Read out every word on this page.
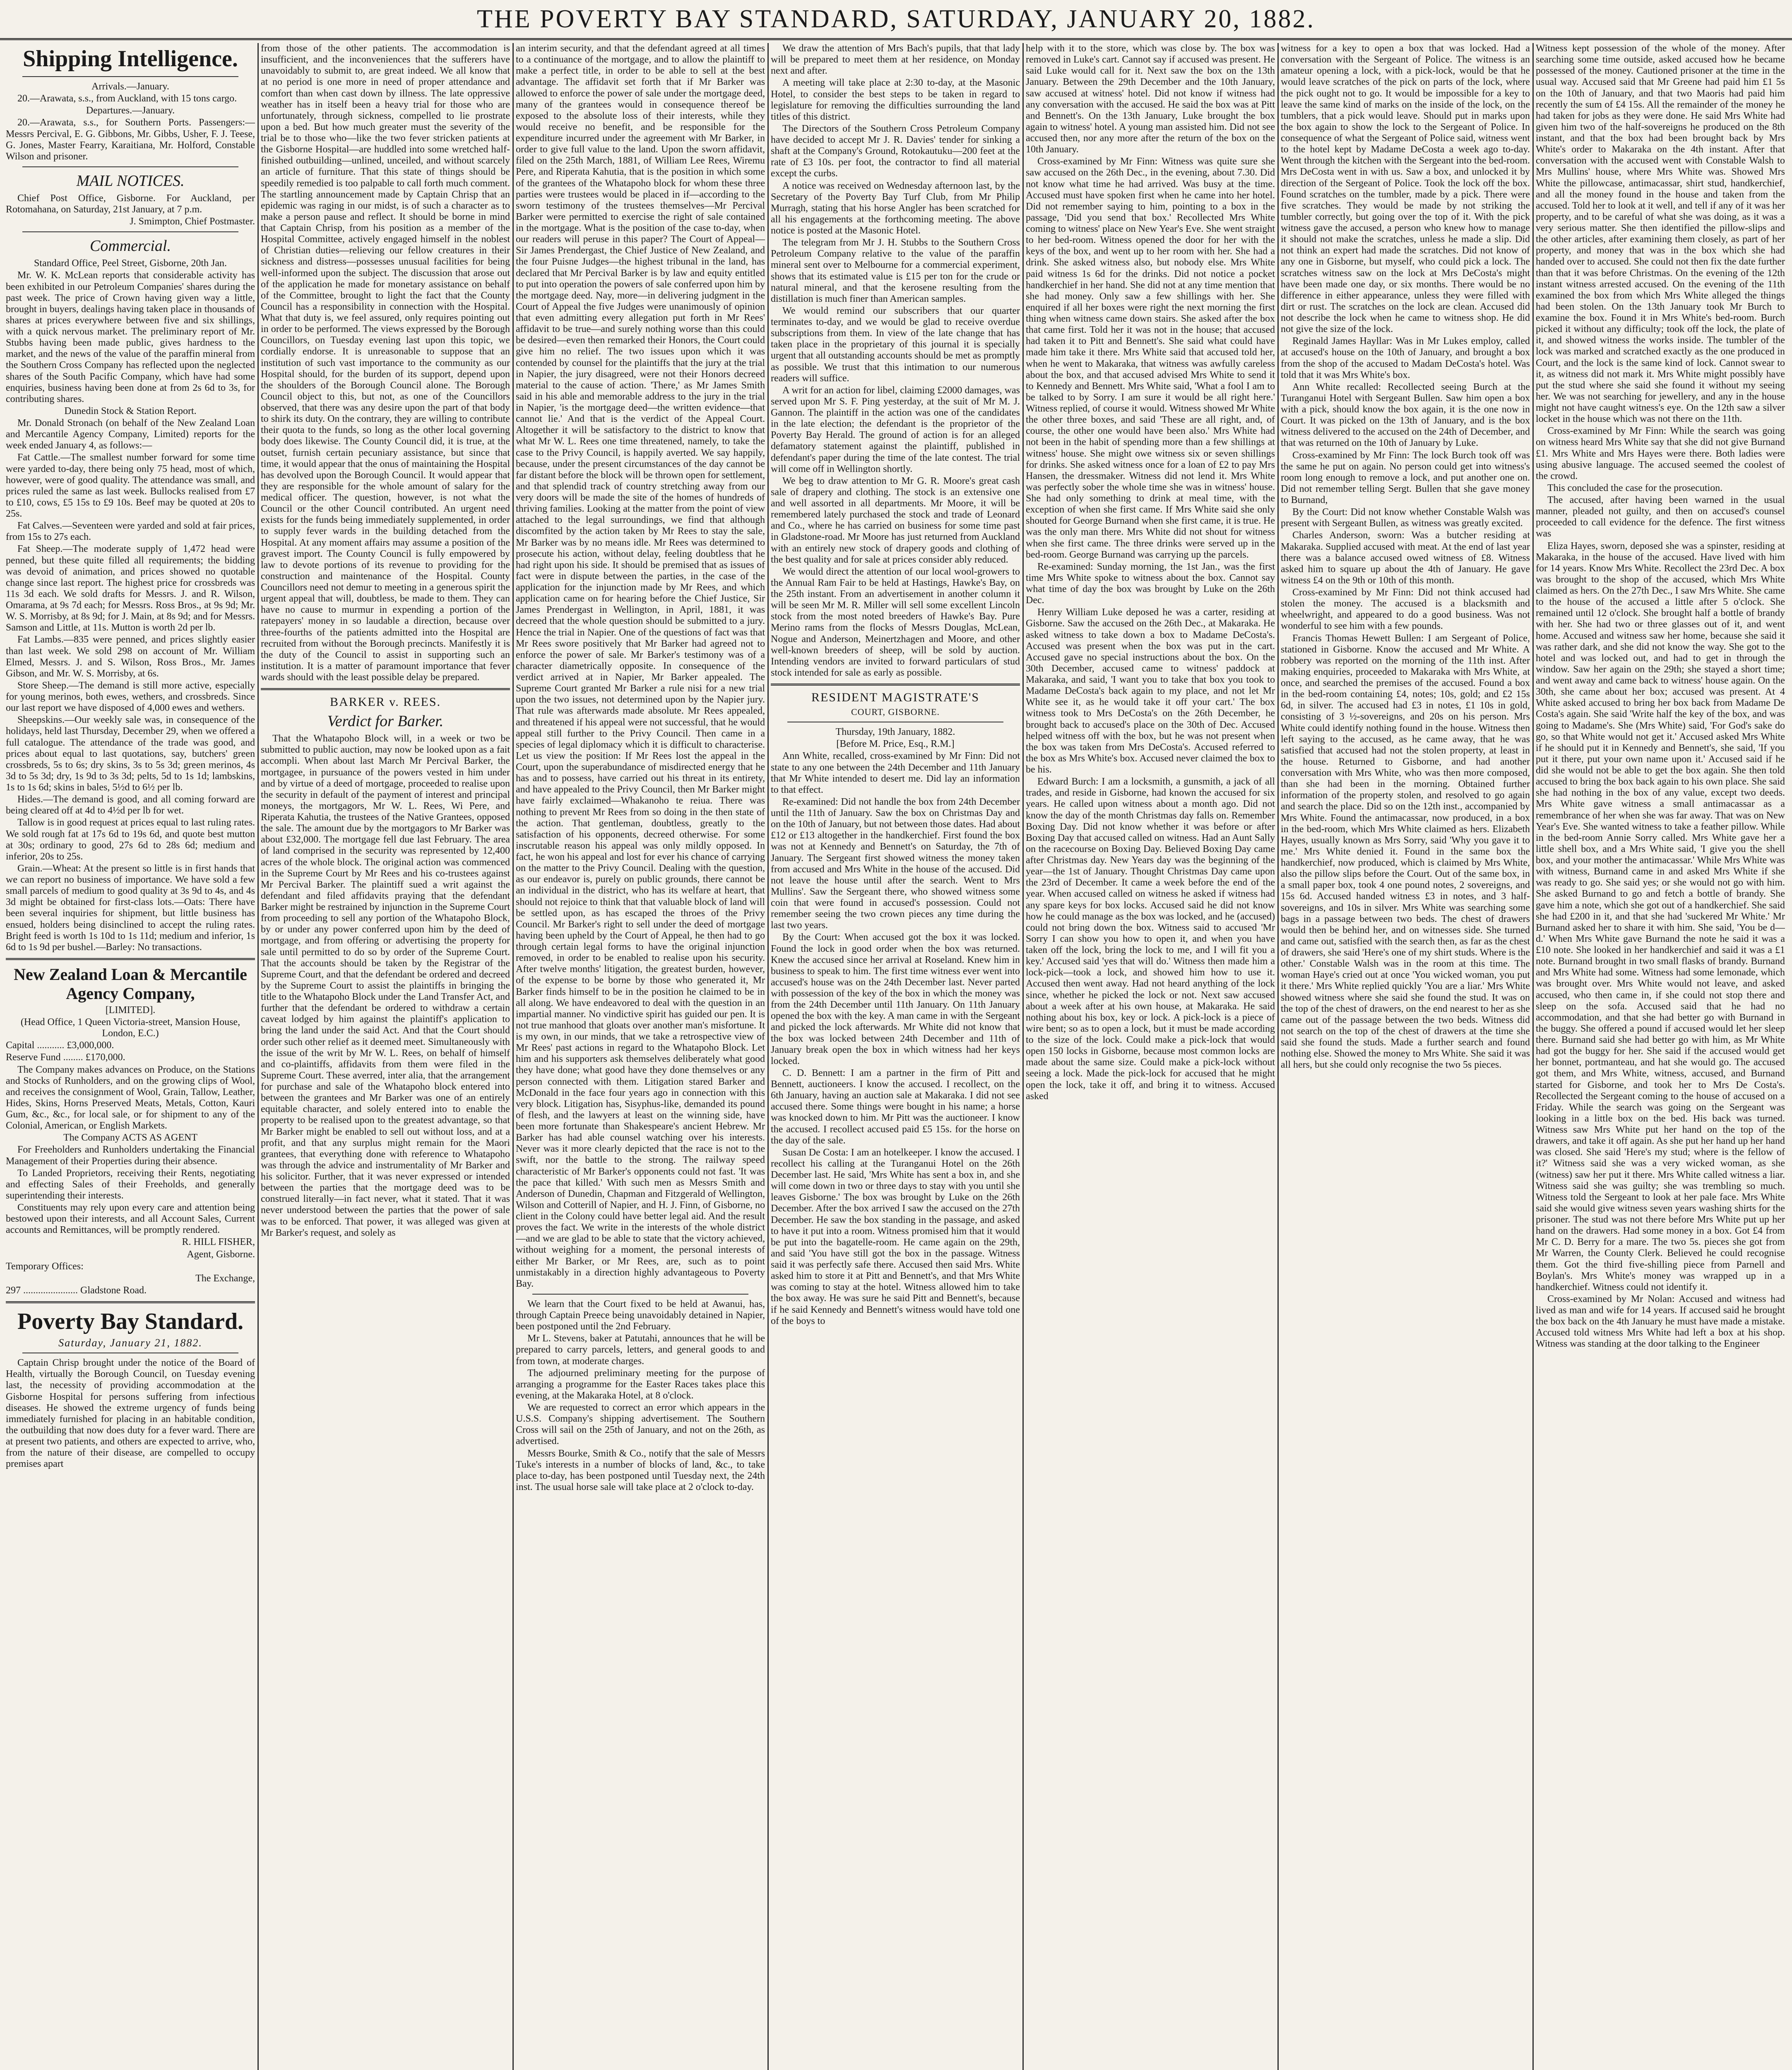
THE POVERTY BAY STANDARD, SATURDAY, JANUARY 20, 1882.
Shipping Intelligence.

Arrivals.—January.

20.—Arawata, s.s., from Auckland, with 15 tons cargo.

Departures.—January.

20.—Arawata, s.s., for Southern Ports. Passengers:—Messrs Percival, E. G. Gibbons, Mr. Gibbs, Usher, F. J. Teese, G. Jones, Master Fearry, Karaitiana, Mr. Holford, Constable Wilson and prisoner.

MAIL NOTICES.

Chief Post Office, Gisborne. For Auckland, per Rotomahana, on Saturday, 21st January, at 7 p.m.

J. Smimpton, Chief Postmaster.

Commercial.

Standard Office, Peel Street, Gisborne, 20th Jan.

Mr. W. K. McLean reports that considerable activity has been exhibited in our Petroleum Companies' shares during the past week. The price of Crown having given way a little, brought in buyers, dealings having taken place in thousands of shares at prices everywhere between five and six shillings, with a quick nervous market. The preliminary report of Mr. Stubbs having been made public, gives hardness to the market, and the news of the value of the paraffin mineral from the Southern Cross Company has reflected upon the neglected shares of the South Pacific Company, which have had some enquiries, business having been done at from 2s 6d to 3s, for contributing shares.

Dunedin Stock & Station Report.

Mr. Donald Stronach (on behalf of the New Zealand Loan and Mercantile Agency Company, Limited) reports for the week ended January 4, as follows:—

Fat Cattle.—The smallest number forward for some time were yarded to-day, there being only 75 head, most of which, however, were of good quality. The attendance was small, and prices ruled the same as last week. Bullocks realised from £7 to £10, cows, £5 15s to £9 10s. Beef may be quoted at 20s to 25s.

Fat Calves.—Seventeen were yarded and sold at fair prices, from 15s to 27s each.

Fat Sheep.—The moderate supply of 1,472 head were penned, but these quite filled all requirements; the bidding was devoid of animation, and prices showed no quotable change since last report. The highest price for crossbreds was 11s 3d each. We sold drafts for Messrs. J. and R. Wilson, Omarama, at 9s 7d each; for Messrs. Ross Bros., at 9s 9d; Mr. W. S. Morrisby, at 8s 9d; for J. Main, at 8s 9d; and for Messrs. Samson and Little, at 11s. Mutton is worth 2d per lb.

Fat Lambs.—835 were penned, and prices slightly easier than last week. We sold 298 on account of Mr. William Elmed, Messrs. J. and S. Wilson, Ross Bros., Mr. James Gibson, and Mr. W. S. Morrisby, at 6s.

Store Sheep.—The demand is still more active, especially for young merinos, both ewes, wethers, and crossbreds. Since our last report we have disposed of 4,000 ewes and wethers.

Sheepskins.—Our weekly sale was, in consequence of the holidays, held last Thursday, December 29, when we offered a full catalogue. The attendance of the trade was good, and prices about equal to last quotations, say, butchers' green crossbreds, 5s to 6s; dry skins, 3s to 5s 3d; green merinos, 4s 3d to 5s 3d; dry, 1s 9d to 3s 3d; pelts, 5d to 1s 1d; lambskins, 1s to 1s 6d; skins in bales, 5½d to 6½ per lb.

Hides.—The demand is good, and all coming forward are being cleared off at 4d to 4½d per lb for wet.

Tallow is in good request at prices equal to last ruling rates. We sold rough fat at 17s 6d to 19s 6d, and quote best mutton at 30s; ordinary to good, 27s 6d to 28s 6d; medium and inferior, 20s to 25s.

Grain.—Wheat: At the present so little is in first hands that we can report no business of importance. We have sold a few small parcels of medium to good quality at 3s 9d to 4s, and 4s 3d might be obtained for first-class lots.—Oats: There have been several inquiries for shipment, but little business has ensued, holders being disinclined to accept the ruling rates. Bright feed is worth 1s 10d to 1s 11d; medium and inferior, 1s 6d to 1s 9d per bushel.—Barley: No transactions.

New Zealand Loan & Mercantile Agency Company,

[LIMITED].

(Head Office, 1 Queen Victoria-street, Mansion House, London, E.C.)

Capital ........... £3,000,000.

Reserve Fund ........ £170,000.

The Company makes advances on Produce, on the Stations and Stocks of Runholders, and on the growing clips of Wool, and receives the consignment of Wool, Grain, Tallow, Leather, Hides, Skins, Horns Preserved Meats, Metals, Cotton, Kauri Gum, &c., &c., for local sale, or for shipment to any of the Colonial, American, or English Markets.

The Company ACTS AS AGENT

For Freeholders and Runholders undertaking the Financial Management of their Properties during their absence.

To Landed Proprietors, receiving their Rents, negotiating and effecting Sales of their Freeholds, and generally superintending their interests.

Constituents may rely upon every care and attention being bestowed upon their interests, and all Account Sales, Current accounts and Remittances, will be promptly rendered.

R. HILL FISHER,

Agent, Gisborne.

Temporary Offices:

The Exchange,

297 ...................... Gladstone Road.

Poverty Bay Standard.
Saturday, January 21, 1882.

Captain Chrisp brought under the notice of the Board of Health, virtually the Borough Council, on Tuesday evening last, the necessity of providing accommodation at the Gisborne Hospital for persons suffering from infectious diseases. He showed the extreme urgency of funds being immediately furnished for placing in an habitable condition, the outbuilding that now does duty for a fever ward. There are at present two patients, and others are expected to arrive, who, from the nature of their disease, are compelled to occupy premises apart

from those of the other patients. The accommodation is insufficient, and the inconveniences that the sufferers have unavoidably to submit to, are great indeed. We all know that at no period is one more in need of proper attendance and comfort than when cast down by illness. The late oppressive weather has in itself been a heavy trial for those who are unfortunately, through sickness, compelled to lie prostrate upon a bed. But how much greater must the severity of the trial be to those who—like the two fever stricken patients at the Gisborne Hospital—are huddled into some wretched half-finished outbuilding—unlined, unceiled, and without scarcely an article of furniture. That this state of things should be speedily remedied is too palpable to call forth much comment. The startling announcement made by Captain Chrisp that an epidemic was raging in our midst, is of such a character as to make a person pause and reflect. It should be borne in mind that Captain Chrisp, from his position as a member of the Hospital Committee, actively engaged himself in the noblest of Christian duties—relieving our fellow creatures in their sickness and distress—possesses unusual facilities for being well-informed upon the subject. The discussion that arose out of the application he made for monetary assistance on behalf of the Committee, brought to light the fact that the County Council has a responsibility in connection with the Hospital. What that duty is, we feel assured, only requires pointing out in order to be performed. The views expressed by the Borough Councillors, on Tuesday evening last upon this topic, we cordially endorse. It is unreasonable to suppose that an institution of such vast importance to the community as our Hospital should, for the burden of its support, depend upon the shoulders of the Borough Council alone. The Borough Council object to this, but not, as one of the Councillors observed, that there was any desire upon the part of that body to shirk its duty. On the contrary, they are willing to contribute their quota to the funds, so long as the other local governing body does likewise. The County Council did, it is true, at the outset, furnish certain pecuniary assistance, but since that time, it would appear that the onus of maintaining the Hospital has devolved upon the Borough Council. It would appear that they are responsible for the whole amount of salary for the medical officer. The question, however, is not what the Council or the other Council contributed. An urgent need exists for the funds being immediately supplemented, in order to supply fever wards in the building detached from the Hospital. At any moment affairs may assume a position of the gravest import. The County Council is fully empowered by law to devote portions of its revenue to providing for the construction and maintenance of the Hospital. County Councillors need not demur to meeting in a generous spirit the urgent appeal that will, doubtless, be made to them. They can have no cause to murmur in expending a portion of the ratepayers' money in so laudable a direction, because over three-fourths of the patients admitted into the Hospital are recruited from without the Borough precincts. Manifestly it is the duty of the Council to assist in supporting such an institution. It is a matter of paramount importance that fever wards should with the least possible delay be prepared.

BARKER v. REES.
Verdict for Barker.

That the Whatapoho Block will, in a week or two be submitted to public auction, may now be looked upon as a fait accompli. When about last March Mr Percival Barker, the mortgagee, in pursuance of the powers vested in him under and by virtue of a deed of mortgage, proceeded to realise upon the security in default of the payment of interest and principal moneys, the mortgagors, Mr W. L. Rees, Wi Pere, and Riperata Kahutia, the trustees of the Native Grantees, opposed the sale. The amount due by the mortgagors to Mr Barker was about £32,000. The mortgage fell due last February. The area of land comprised in the security was represented by 12,400 acres of the whole block. The original action was commenced in the Supreme Court by Mr Rees and his co-trustees against Mr Percival Barker. The plaintiff sued a writ against the defendant and filed affidavits praying that the defendant Barker might be restrained by injunction in the Supreme Court from proceeding to sell any portion of the Whatapoho Block, by or under any power conferred upon him by the deed of mortgage, and from offering or advertising the property for sale until permitted to do so by order of the Supreme Court. That the accounts should be taken by the Registrar of the Supreme Court, and that the defendant be ordered and decreed by the Supreme Court to assist the plaintiffs in bringing the title to the Whatapoho Block under the Land Transfer Act, and further that the defendant be ordered to withdraw a certain caveat lodged by him against the plaintiff's application to bring the land under the said Act. And that the Court should order such other relief as it deemed meet. Simultaneously with the issue of the writ by Mr W. L. Rees, on behalf of himself and co-plaintiffs, affidavits from them were filed in the Supreme Court. These averred, inter alia, that the arrangement for purchase and sale of the Whatapoho block entered into between the grantees and Mr Barker was one of an entirely equitable character, and solely entered into to enable the property to be realised upon to the greatest advantage, so that Mr Barker might be enabled to sell out without loss, and at a profit, and that any surplus might remain for the Maori grantees, that everything done with reference to Whatapoho was through the advice and instrumentality of Mr Barker and his solicitor. Further, that it was never expressed or intended between the parties that the mortgage deed was to be construed literally—in fact never, what it stated. That it was never understood between the parties that the power of sale was to be enforced. That power, it was alleged was given at Mr Barker's request, and solely as

an interim security, and that the defendant agreed at all times to a continuance of the mortgage, and to allow the plaintiff to make a perfect title, in order to be able to sell at the best advantage. The affidavit set forth that if Mr Barker was allowed to enforce the power of sale under the mortgage deed, many of the grantees would in consequence thereof be exposed to the absolute loss of their interests, while they would receive no benefit, and be responsible for the expenditure incurred under the agreement with Mr Barker, in order to give full value to the land. Upon the sworn affidavit, filed on the 25th March, 1881, of William Lee Rees, Wiremu Pere, and Riperata Kahutia, that is the position in which some of the grantees of the Whatapoho block for whom these three parties were trustees would be placed in if—according to the sworn testimony of the trustees themselves—Mr Percival Barker were permitted to exercise the right of sale contained in the mortgage. What is the position of the case to-day, when our readers will peruse in this paper? The Court of Appeal—Sir James Prendergast, the Chief Justice of New Zealand, and the four Puisne Judges—the highest tribunal in the land, has declared that Mr Percival Barker is by law and equity entitled to put into operation the powers of sale conferred upon him by the mortgage deed. Nay, more—in delivering judgment in the Court of Appeal the five Judges were unanimously of opinion that even admitting every allegation put forth in Mr Rees' affidavit to be true—and surely nothing worse than this could be desired—even then remarked their Honors, the Court could give him no relief. The two issues upon which it was contended by counsel for the plaintiffs that the jury at the trial in Napier, the jury disagreed, were not their Honors decreed material to the cause of action. 'There,' as Mr James Smith said in his able and memorable address to the jury in the trial in Napier, 'is the mortgage deed—the written evidence—that cannot lie.' And that is the verdict of the Appeal Court. Altogether it will be satisfactory to the district to know that what Mr W. L. Rees one time threatened, namely, to take the case to the Privy Council, is happily averted. We say happily, because, under the present circumstances of the day cannot be far distant before the block will be thrown open for settlement, and that splendid track of country stretching away from our very doors will be made the site of the homes of hundreds of thriving families. Looking at the matter from the point of view attached to the legal surroundings, we find that although discomfited by the action taken by Mr Rees to stay the sale, Mr Barker was by no means idle. Mr Rees was determined to prosecute his action, without delay, feeling doubtless that he had right upon his side. It should be premised that as issues of fact were in dispute between the parties, in the case of the application for the injunction made by Mr Rees, and which application came on for hearing before the Chief Justice, Sir James Prendergast in Wellington, in April, 1881, it was decreed that the whole question should be submitted to a jury. Hence the trial in Napier. One of the questions of fact was that Mr Rees swore positively that Mr Barker had agreed not to enforce the power of sale. Mr Barker's testimony was of a character diametrically opposite. In consequence of the verdict arrived at in Napier, Mr Barker appealed. The Supreme Court granted Mr Barker a rule nisi for a new trial upon the two issues, not determined upon by the Napier jury. That rule was afterwards made absolute. Mr Rees appealed, and threatened if his appeal were not successful, that he would appeal still further to the Privy Council. Then came in a species of legal diplomacy which it is difficult to characterise. Let us view the position: If Mr Rees lost the appeal in the Court, upon the superabundance of misdirected energy that he has and to possess, have carried out his threat in its entirety, and have appealed to the Privy Council, then Mr Barker might have fairly exclaimed—Whakanoho te reiua. There was nothing to prevent Mr Rees from so doing in the then state of the action. That gentleman, doubtless, greatly to the satisfaction of his opponents, decreed otherwise. For some inscrutable reason his appeal was only mildly opposed. In fact, he won his appeal and lost for ever his chance of carrying on the matter to the Privy Council. Dealing with the question, as our endeavor is, purely on public grounds, there cannot be an individual in the district, who has its welfare at heart, that should not rejoice to think that that valuable block of land will be settled upon, as has escaped the throes of the Privy Council. Mr Barker's right to sell under the deed of mortgage having been upheld by the Court of Appeal, he then had to go through certain legal forms to have the original injunction removed, in order to be enabled to realise upon his security. After twelve months' litigation, the greatest burden, however, of the expense to be borne by those who generated it, Mr Barker finds himself to be in the position he claimed to be in all along. We have endeavored to deal with the question in an impartial manner. No vindictive spirit has guided our pen. It is not true manhood that gloats over another man's misfortune. It is my own, in our minds, that we take a retrospective view of Mr Rees' past actions in regard to the Whatapoho Block. Let him and his supporters ask themselves deliberately what good they have done; what good have they done themselves or any person connected with them. Litigation stared Barker and McDonald in the face four years ago in connection with this very block. Litigation has, Sisyphus-like, demanded its pound of flesh, and the lawyers at least on the winning side, have been more fortunate than Shakespeare's ancient Hebrew. Mr Barker has had able counsel watching over his interests. Never was it more clearly depicted that the race is not to the swift, nor the battle to the strong. The railway speed characteristic of Mr Barker's opponents could not fast. 'It was the pace that killed.' With such men as Messrs Smith and Anderson of Dunedin, Chapman and Fitzgerald of Wellington, Wilson and Cotterill of Napier, and H. J. Finn, of Gisborne, no client in the Colony could have better legal aid. And the result proves the fact. We write in the interests of the whole district—and we are glad to be able to state that the victory achieved, without weighing for a moment, the personal interests of either Mr Barker, or Mr Rees, are, such as to point unmistakably in a direction highly advantageous to Poverty Bay.

We learn that the Court fixed to be held at Awanui, has, through Captain Preece being unavoidably detained in Napier, been postponed until the 2nd February.

Mr L. Stevens, baker at Patutahi, announces that he will be prepared to carry parcels, letters, and general goods to and from town, at moderate charges.

The adjourned preliminary meeting for the purpose of arranging a programme for the Easter Races takes place this evening, at the Makaraka Hotel, at 8 o'clock.

We are requested to correct an error which appears in the U.S.S. Company's shipping advertisement. The Southern Cross will sail on the 25th of January, and not on the 26th, as advertised.

Messrs Bourke, Smith & Co., notify that the sale of Messrs Tuke's interests in a number of blocks of land, &c., to take place to-day, has been postponed until Tuesday next, the 24th inst. The usual horse sale will take place at 2 o'clock to-day.

We draw the attention of Mrs Bach's pupils, that that lady will be prepared to meet them at her residence, on Monday next and after.

A meeting will take place at 2:30 to-day, at the Masonic Hotel, to consider the best steps to be taken in regard to legislature for removing the difficulties surrounding the land titles of this district.

The Directors of the Southern Cross Petroleum Company have decided to accept Mr J. R. Davies' tender for sinking a shaft at the Company's Ground, Rotokautuku—200 feet at the rate of £3 10s. per foot, the contractor to find all material except the curbs.

A notice was received on Wednesday afternoon last, by the Secretary of the Poverty Bay Turf Club, from Mr Philip Murragh, stating that his horse Angler has been scratched for all his engagements at the forthcoming meeting. The above notice is posted at the Masonic Hotel.

The telegram from Mr J. H. Stubbs to the Southern Cross Petroleum Company relative to the value of the paraffin mineral sent over to Melbourne for a commercial experiment, shows that its estimated value is £15 per ton for the crude or natural mineral, and that the kerosene resulting from the distillation is much finer than American samples.

We would remind our subscribers that our quarter terminates to-day, and we would be glad to receive overdue subscriptions from them. In view of the late change that has taken place in the proprietary of this journal it is specially urgent that all outstanding accounts should be met as promptly as possible. We trust that this intimation to our numerous readers will suffice.

A writ for an action for libel, claiming £2000 damages, was served upon Mr S. F. Ping yesterday, at the suit of Mr M. J. Gannon. The plaintiff in the action was one of the candidates in the late election; the defendant is the proprietor of the Poverty Bay Herald. The ground of action is for an alleged defamatory statement against the plaintiff, published in defendant's paper during the time of the late contest. The trial will come off in Wellington shortly.

We beg to draw attention to Mr G. R. Moore's great cash sale of drapery and clothing. The stock is an extensive one and well assorted in all departments. Mr Moore, it will be remembered lately purchased the stock and trade of Leonard and Co., where he has carried on business for some time past in Gladstone-road. Mr Moore has just returned from Auckland with an entirely new stock of drapery goods and clothing of the best quality and for sale at prices consider ably reduced.

We would direct the attention of our local wool-growers to the Annual Ram Fair to be held at Hastings, Hawke's Bay, on the 25th instant. From an advertisement in another column it will be seen Mr M. R. Miller will sell some excellent Lincoln stock from the most noted breeders of Hawke's Bay. Pure Merino rams from the flocks of Messrs Douglas, McLean, Nogue and Anderson, Meinertzhagen and Moore, and other well-known breeders of sheep, will be sold by auction. Intending vendors are invited to forward particulars of stud stock intended for sale as early as possible.

RESIDENT MAGISTRATE'S
COURT, GISBORNE.

Thursday, 19th January, 1882.

[Before M. Price, Esq., R.M.]

Ann White, recalled, cross-examined by Mr Finn: Did not state to any one between the 24th December and 11th January that Mr White intended to desert me. Did lay an information to that effect.

Re-examined: Did not handle the box from 24th December until the 11th of January. Saw the box on Christmas Day and on the 10th of January, but not between those dates. Had about £12 or £13 altogether in the handkerchief. First found the box was not at Kennedy and Bennett's on Saturday, the 7th of January. The Sergeant first showed witness the money taken from accused and Mrs White in the house of the accused. Did not leave the house until after the search. Went to Mrs Mullins'. Saw the Sergeant there, who showed witness some coin that were found in accused's possession. Could not remember seeing the two crown pieces any time during the last two years.

By the Court: When accused got the box it was locked. Found the lock in good order when the box was returned. Knew the accused since her arrival at Roseland. Knew him in business to speak to him. The first time witness ever went into accused's house was on the 24th December last. Never parted with possession of the key of the box in which the money was from the 24th December until 11th January. On 11th January opened the box with the key. A man came in with the Sergeant and picked the lock afterwards. Mr White did not know that the box was locked between 24th December and 11th of January break open the box in which witness had her keys locked.

C. D. Bennett: I am a partner in the firm of Pitt and Bennett, auctioneers. I know the accused. I recollect, on the 6th January, having an auction sale at Makaraka. I did not see accused there. Some things were bought in his name; a horse was knocked down to him. Mr Pitt was the auctioneer. I know the accused. I recollect accused paid £5 15s. for the horse on the day of the sale.

Susan De Costa: I am an hotelkeeper. I know the accused. I recollect his calling at the Turanganui Hotel on the 26th December last. He said, 'Mrs White has sent a box in, and she will come down in two or three days to stay with you until she leaves Gisborne.' The box was brought by Luke on the 26th December. After the box arrived I saw the accused on the 27th December. He saw the box standing in the passage, and asked to have it put into a room. Witness promised him that it would be put into the bagatelle-room. He came again on the 29th, and said 'You have still got the box in the passage. Witness said it was perfectly safe there. Accused then said Mrs. White asked him to store it at Pitt and Bennett's, and that Mrs White was coming to stay at the hotel. Witness allowed him to take the box away. He was sure he said Pitt and Bennett's, because if he said Kennedy and Bennett's witness would have told one of the boys to

help with it to the store, which was close by. The box was removed in Luke's cart. Cannot say if accused was present. He said Luke would call for it. Next saw the box on the 13th January. Between the 29th December and the 10th January, saw accused at witness' hotel. Did not know if witness had any conversation with the accused. He said the box was at Pitt and Bennett's. On the 13th January, Luke brought the box again to witness' hotel. A young man assisted him. Did not see accused then, nor any more after the return of the box on the 10th January.

Cross-examined by Mr Finn: Witness was quite sure she saw accused on the 26th Dec., in the evening, about 7.30. Did not know what time he had arrived. Was busy at the time. Accused must have spoken first when he came into her hotel. Did not remember saying to him, pointing to a box in the passage, 'Did you send that box.' Recollected Mrs White coming to witness' place on New Year's Eve. She went straight to her bed-room. Witness opened the door for her with the keys of the box, and went up to her room with her. She had a drink. She asked witness also, but nobody else. Mrs White paid witness 1s 6d for the drinks. Did not notice a pocket handkerchief in her hand. She did not at any time mention that she had money. Only saw a few shillings with her. She enquired if all her boxes were right the next morning the first thing when witness came down stairs. She asked after the box that came first. Told her it was not in the house; that accused had taken it to Pitt and Bennett's. She said what could have made him take it there. Mrs White said that accused told her, when he went to Makaraka, that witness was awfully careless about the box, and that accused advised Mrs White to send it to Kennedy and Bennett. Mrs White said, 'What a fool I am to be talked to by Sorry. I am sure it would be all right here.' Witness replied, of course it would. Witness showed Mr White the other three boxes, and said 'These are all right, and, of course, the other one would have been also.' Mrs White had not been in the habit of spending more than a few shillings at witness' house. She might owe witness six or seven shillings for drinks. She asked witness once for a loan of £2 to pay Mrs Hansen, the dressmaker. Witness did not lend it. Mrs White was perfectly sober the whole time she was in witness' house. She had only something to drink at meal time, with the exception of when she first came. If Mrs White said she only shouted for George Burnand when she first came, it is true. He was the only man there. Mrs White did not shout for witness when she first came. The three drinks were served up in the bed-room. George Burnand was carrying up the parcels.

Re-examined: Sunday morning, the 1st Jan., was the first time Mrs White spoke to witness about the box. Cannot say what time of day the box was brought by Luke on the 26th Dec.

Henry William Luke deposed he was a carter, residing at Gisborne. Saw the accused on the 26th Dec., at Makaraka. He asked witness to take down a box to Madame DeCosta's. Accused was present when the box was put in the cart. Accused gave no special instructions about the box. On the 30th December, accused came to witness' paddock at Makaraka, and said, 'I want you to take that box you took to Madame DeCosta's back again to my place, and not let Mr White see it, as he would take it off your cart.' The box witness took to Mrs DeCosta's on the 26th December, he brought back to accused's place on the 30th of Dec. Accused helped witness off with the box, but he was not present when the box was taken from Mrs DeCosta's. Accused referred to the box as Mrs White's box. Accused never claimed the box to be his.

Edward Burch: I am a locksmith, a gunsmith, a jack of all trades, and reside in Gisborne, had known the accused for six years. He called upon witness about a month ago. Did not know the day of the month Christmas day falls on. Remember Boxing Day. Did not know whether it was before or after Boxing Day that accused called on witness. Had an Aunt Sally on the racecourse on Boxing Day. Believed Boxing Day came after Christmas day. New Years day was the beginning of the year—the 1st of January. Thought Christmas Day came upon the 23rd of December. It came a week before the end of the year. When accused called on witness he asked if witness had any spare keys for box locks. Accused said he did not know how he could manage as the box was locked, and he (accused) could not bring down the box. Witness said to accused 'Mr Sorry I can show you how to open it, and when you have taken off the lock, bring the lock to me, and I will fit you a key.' Accused said 'yes that will do.' Witness then made him a lock-pick—took a lock, and showed him how to use it. Accused then went away. Had not heard anything of the lock since, whether he picked the lock or not. Next saw accused about a week after at his own house, at Makaraka. He said nothing about his box, key or lock. A pick-lock is a piece of wire bent; so as to open a lock, but it must be made according to the size of the lock. Could make a pick-lock that would open 150 locks in Gisborne, because most common locks are made about the same size. Could make a pick-lock without seeing a lock. Made the pick-lock for accused that he might open the lock, take it off, and bring it to witness. Accused asked

witness for a key to open a box that was locked. Had a conversation with the Sergeant of Police. The witness is an amateur opening a lock, with a pick-lock, would be that he would leave scratches of the pick on parts of the lock, where the pick ought not to go. It would be impossible for a key to leave the same kind of marks on the inside of the lock, on the tumblers, that a pick would leave. Should put in marks upon the box again to show the lock to the Sergeant of Police. In consequence of what the Sergeant of Police said, witness went to the hotel kept by Madame DeCosta a week ago to-day. Went through the kitchen with the Sergeant into the bed-room. Mrs DeCosta went in with us. Saw a box, and unlocked it by direction of the Sergeant of Police. Took the lock off the box. Found scratches on the tumbler, made by a pick. There were five scratches. They would be made by not striking the tumbler correctly, but going over the top of it. With the pick witness gave the accused, a person who knew how to manage it should not make the scratches, unless he made a slip. Did not think an expert had made the scratches. Did not know of any one in Gisborne, but myself, who could pick a lock. The scratches witness saw on the lock at Mrs DeCosta's might have been made one day, or six months. There would be no difference in either appearance, unless they were filled with dirt or rust. The scratches on the lock are clean. Accused did not describe the lock when he came to witness shop. He did not give the size of the lock.

Reginald James Hayllar: Was in Mr Lukes employ, called at accused's house on the 10th of January, and brought a box from the shop of the accused to Madam DeCosta's hotel. Was told that it was Mrs White's box.

Ann White recalled: Recollected seeing Burch at the Turanganui Hotel with Sergeant Bullen. Saw him open a box with a pick, should know the box again, it is the one now in Court. It was picked on the 13th of January, and is the box witness delivered to the accused on the 24th of December, and that was returned on the 10th of January by Luke.

Cross-examined by Mr Finn: The lock Burch took off was the same he put on again. No person could get into witness's room long enough to remove a lock, and put another one on. Did not remember telling Sergt. Bullen that she gave money to Burnand,

By the Court: Did not know whether Constable Walsh was present with Sergeant Bullen, as witness was greatly excited.

Charles Anderson, sworn: Was a butcher residing at Makaraka. Supplied accused with meat. At the end of last year there was a balance accused owed witness of £8. Witness asked him to square up about the 4th of January. He gave witness £4 on the 9th or 10th of this month.

Cross-examined by Mr Finn: Did not think accused had stolen the money. The accused is a blacksmith and wheelwright, and appeared to do a good business. Was not wonderful to see him with a few pounds.

Francis Thomas Hewett Bullen: I am Sergeant of Police, stationed in Gisborne. Know the accused and Mr White. A robbery was reported on the morning of the 11th inst. After making enquiries, proceeded to Makaraka with Mrs White, at once, and searched the premises of the accused. Found a box in the bed-room containing £4, notes; 10s, gold; and £2 15s 6d, in silver. The accused had £3 in notes, £1 10s in gold, consisting of 3 ½-sovereigns, and 20s on his person. Mrs White could identify nothing found in the house. Witness then left saying to the accused, as he came away, that he was satisfied that accused had not the stolen property, at least in the house. Returned to Gisborne, and had another conversation with Mrs White, who was then more composed, than she had been in the morning. Obtained further information of the property stolen, and resolved to go again and search the place. Did so on the 12th inst., accompanied by Mrs White. Found the antimacassar, now produced, in a box in the bed-room, which Mrs White claimed as hers. Elizabeth Hayes, usually known as Mrs Sorry, said 'Why you gave it to me.' Mrs White denied it. Found in the same box the handkerchief, now produced, which is claimed by Mrs White, also the pillow slips before the Court. Out of the same box, in a small paper box, took 4 one pound notes, 2 sovereigns, and 15s 6d. Accused handed witness £3 in notes, and 3 half-sovereigns, and 10s in silver. Mrs White was searching some bags in a passage between two beds. The chest of drawers would then be behind her, and on witnesses side. She turned and came out, satisfied with the search then, as far as the chest of drawers, she said 'Here's one of my shirt studs. Where is the other.' Constable Walsh was in the room at this time. The woman Haye's cried out at once 'You wicked woman, you put it there.' Mrs White replied quickly 'You are a liar.' Mrs White showed witness where she said she found the stud. It was on the top of the chest of drawers, on the end nearest to her as she came out of the passage between the two beds. Witness did not search on the top of the chest of drawers at the time she said she found the studs. Made a further search and found nothing else. Showed the money to Mrs White. She said it was all hers, but she could only recognise the two 5s pieces.

Witness kept possession of the whole of the money. After searching some time outside, asked accused how he became possessed of the money. Cautioned prisoner at the time in the usual way. Accused said that Mr Greene had paid him £1 5s on the 10th of January, and that two Maoris had paid him recently the sum of £4 15s. All the remainder of the money he had taken for jobs as they were done. He said Mrs White had given him two of the half-sovereigns he produced on the 8th instant, and that the box had been brought back by Mrs White's order to Makaraka on the 4th instant. After that conversation with the accused went with Constable Walsh to Mrs Mullins' house, where Mrs White was. Showed Mrs White the pillowcase, antimacassar, shirt stud, handkerchief, and all the money found in the house and taken from the accused. Told her to look at it well, and tell if any of it was her property, and to be careful of what she was doing, as it was a very serious matter. She then identified the pillow-slips and the other articles, after examining them closely, as part of her property, and money that was in the box which she had handed over to accused. She could not then fix the date further than that it was before Christmas. On the evening of the 12th instant witness arrested accused. On the evening of the 11th examined the box from which Mrs White alleged the things had been stolen. On the 13th January took Mr Burch to examine the box. Found it in Mrs White's bed-room. Burch picked it without any difficulty; took off the lock, the plate of it, and showed witness the works inside. The tumbler of the lock was marked and scratched exactly as the one produced in Court, and the lock is the same kind of lock. Cannot swear to it, as witness did not mark it. Mrs White might possibly have put the stud where she said she found it without my seeing her. We was not searching for jewellery, and any in the house might not have caught witness's eye. On the 12th saw a silver locket in the house which was not there on the 11th.

Cross-examined by Mr Finn: While the search was going on witness heard Mrs White say that she did not give Burnand £1. Mrs White and Mrs Hayes were there. Both ladies were using abusive language. The accused seemed the coolest of the crowd.

This concluded the case for the prosecution.

The accused, after having been warned in the usual manner, pleaded not guilty, and then on accused's counsel proceeded to call evidence for the defence. The first witness was

Eliza Hayes, sworn, deposed she was a spinster, residing at Makaraka, in the house of the accused. Have lived with him for 14 years. Know Mrs White. Recollect the 23rd Dec. A box was brought to the shop of the accused, which Mrs White claimed as hers. On the 27th Dec., I saw Mrs White. She came to the house of the accused a little after 5 o'clock. She remained until 12 o'clock. She brought half a bottle of brandy with her. She had two or three glasses out of it, and went home. Accused and witness saw her home, because she said it was rather dark, and she did not know the way. She got to the hotel and was locked out, and had to get in through the window. Saw her again on the 29th; she stayed a short time; and went away and came back to witness' house again. On the 30th, she came about her box; accused was present. At 4 White asked accused to bring her box back from Madame De Costa's again. She said 'Write half the key of the box, and was going to Madame's. She (Mrs White) said, 'For God's sake do go, so that White would not get it.' Accused asked Mrs White if he should put it in Kennedy and Bennett's, she said, 'If you put it there, put your own name upon it.' Accused said if he did she would not be able to get the box again. She then told accused to bring the box back again to his own place. She said she had nothing in the box of any value, except two deeds. Mrs White gave witness a small antimacassar as a remembrance of her when she was far away. That was on New Year's Eve. She wanted witness to take a feather pillow. While in the bed-room Annie Sorry called. Mrs White gave her a little shell box, and a Mrs White said, 'I give you the shell box, and your mother the antimacassar.' While Mrs White was with witness, Burnand came in and asked Mrs White if she was ready to go. She said yes; or she would not go with him. She asked Burnand to go and fetch a bottle of brandy. She gave him a note, which she got out of a handkerchief. She said she had £200 in it, and that she had 'suckered Mr White.' Mr Burnand asked her to share it with him. She said, 'You be d—d.' When Mrs White gave Burnand the note he said it was a £10 note. She looked in her handkerchief and said it was a £1 note. Burnand brought in two small flasks of brandy. Burnand and Mrs White had some. Witness had some lemonade, which was brought over. Mrs White would not leave, and asked accused, who then came in, if she could not stop there and sleep on the sofa. Accused said that he had no accommodation, and that she had better go with Burnand in the buggy. She offered a pound if accused would let her sleep there. Burnand said she had better go with him, as Mr White had got the buggy for her. She said if the accused would get her bonnet, portmanteau, and hat she would go. The accused got them, and Mrs White, witness, accused, and Burnand started for Gisborne, and took her to Mrs De Costa's. Recollected the Sergeant coming to the house of accused on a Friday. While the search was going on the Sergeant was looking in a little box on the bed. His back was turned. Witness saw Mrs White put her hand on the top of the drawers, and take it off again. As she put her hand up her hand was closed. She said 'Here's my stud; where is the fellow of it?' Witness said she was a very wicked woman, as she (witness) saw her put it there. Mrs White called witness a liar. Witness said she was guilty; she was trembling so much. Witness told the Sergeant to look at her pale face. Mrs White said she would give witness seven years washing shirts for the prisoner. The stud was not there before Mrs White put up her hand on the drawers. Had some money in a box. Got £4 from Mr C. D. Berry for a mare. The two 5s. pieces she got from Mr Warren, the County Clerk. Believed he could recognise them. Got the third five-shilling piece from Parnell and Boylan's. Mrs White's money was wrapped up in a handkerchief. Witness could not identify it.

Cross-examined by Mr Nolan: Accused and witness had lived as man and wife for 14 years. If accused said he brought the box back on the 4th January he must have made a mistake. Accused told witness Mrs White had left a box at his shop. Witness was standing at the door talking to the Engineer
